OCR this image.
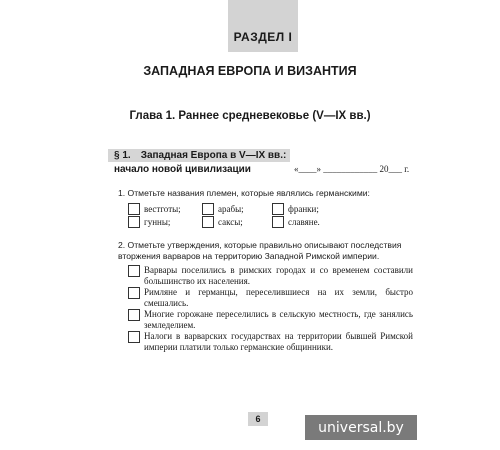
РАЗДЕЛ I
ЗАПАДНАЯ ЕВРОПА И ВИЗАНТИЯ
Глава 1. Раннее средневековье (V—IX вв.)
§ 1. Западная Европа в V—IX вв.:
начало новой цивилизации	«____» ____________ 20___ г.
1. Отметьте названия племен, которые являлись германскими:
вестготы;	арабы;	франки;
гунны;	саксы;	славяне.
2. Отметьте утверждения, которые правильно описывают последствия вторжения варваров на территорию Западной Римской империи.
Варвары поселились в римских городах и со временем составили большинство их населения.
Римляне и германцы, переселившиеся на их земли, быстро смешались.
Многие горожане переселились в сельскую местность, где занялись земледелием.
Налоги в варварских государствах на территории бывшей Римской империи платили только германские общинники.
6
universal.by
